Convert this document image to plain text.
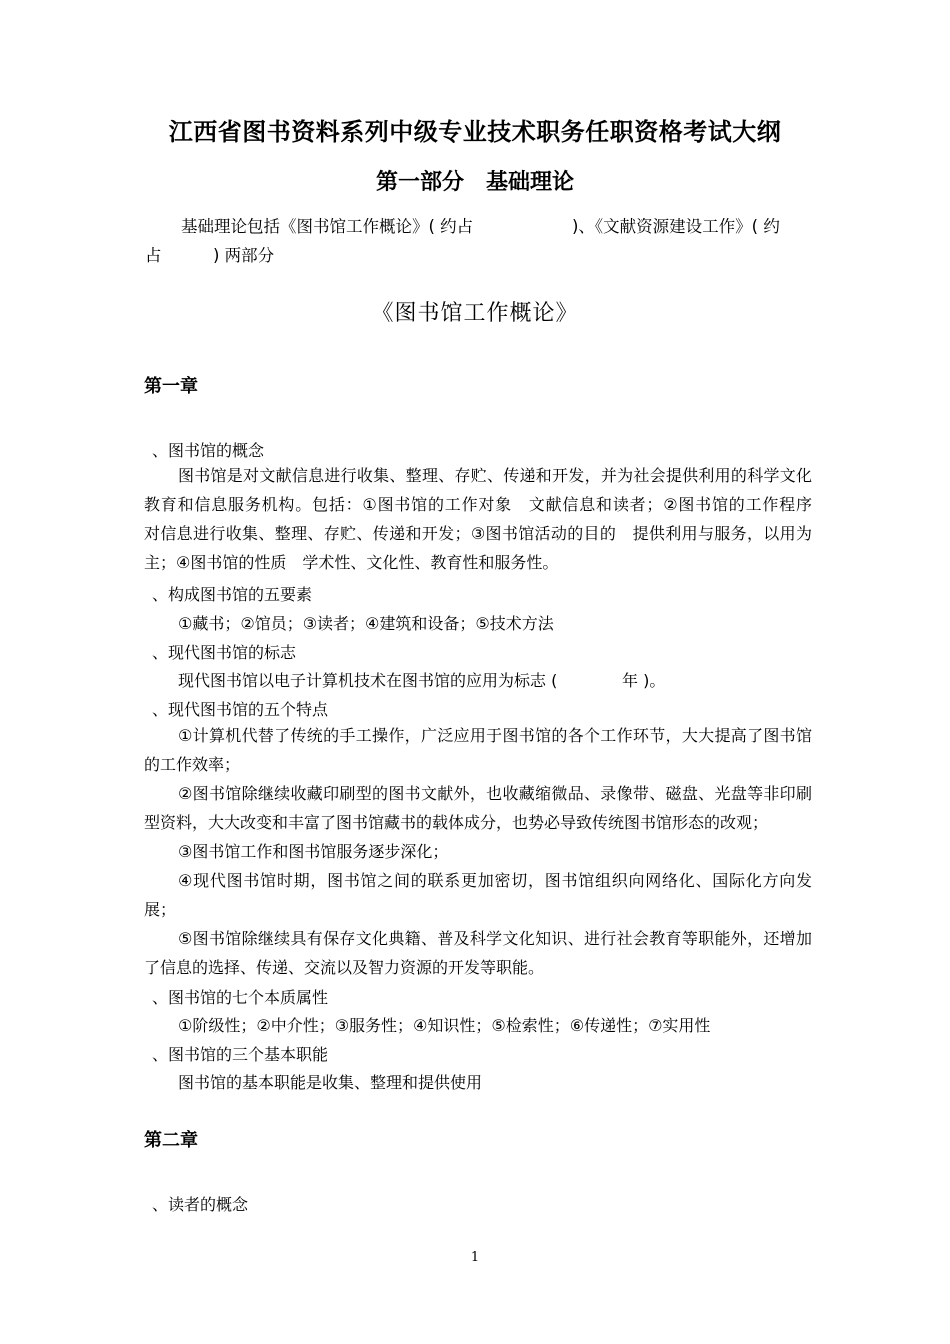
江西省图书资料系列中级专业技术职务任职资格考试大纲
第一部分　基础理论
基础理论包括《图书馆工作概论》( 约占	)、《文献资源建设工作》( 约
占	) 两部分
《图书馆工作概论》
第一章
、图书馆的概念
图书馆是对文献信息进行收集、整理、存贮、传递和开发，并为社会提供利用的科学文化教育和信息服务机构。包括：①图书馆的工作对象　文献信息和读者；②图书馆的工作程序　对信息进行收集、整理、存贮、传递和开发；③图书馆活动的目的　提供利用与服务，以用为主；④图书馆的性质　学术性、文化性、教育性和服务性。
、构成图书馆的五要素
①藏书；②馆员；③读者；④建筑和设备；⑤技术方法
、现代图书馆的标志
现代图书馆以电子计算机技术在图书馆的应用为标志 (	年 )。
、现代图书馆的五个特点
①计算机代替了传统的手工操作，广泛应用于图书馆的各个工作环节，大大提高了图书馆的工作效率；
②图书馆除继续收藏印刷型的图书文献外，也收藏缩微品、录像带、磁盘、光盘等非印刷型资料，大大改变和丰富了图书馆藏书的载体成分，也势必导致传统图书馆形态的改观；
③图书馆工作和图书馆服务逐步深化；
④现代图书馆时期，图书馆之间的联系更加密切，图书馆组织向网络化、国际化方向发展；
⑤图书馆除继续具有保存文化典籍、普及科学文化知识、进行社会教育等职能外，还增加了信息的选择、传递、交流以及智力资源的开发等职能。
、图书馆的七个本质属性
①阶级性；②中介性；③服务性；④知识性；⑤检索性；⑥传递性；⑦实用性
、图书馆的三个基本职能
图书馆的基本职能是收集、整理和提供使用
第二章
、读者的概念
1
